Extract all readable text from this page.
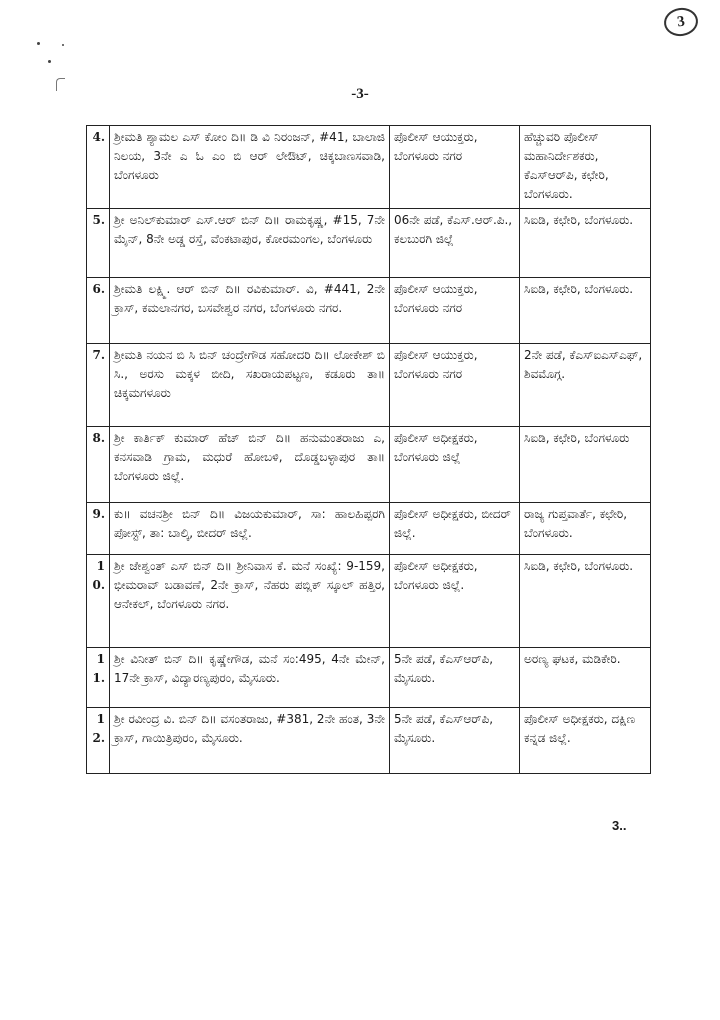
3
-3-
4.	ಶ್ರೀಮತಿ ಶ್ಯಾಮಲ ಎಸ್ ಕೋಂ ದಿ॥ ಡಿ ವಿ ನಿರಂಜನ್, #41, ಬಾಲಾಜಿ ನಿಲಯ, 3ನೇ ಎ ಓ ಎಂ ಬಿ ಆರ್ ಲೇಔಟ್, ಚಿಕ್ಕಬಾಣಸವಾಡಿ, ಬೆಂಗಳೂರು	ಪೊಲೀಸ್ ಆಯುಕ್ತರು, ಬೆಂಗಳೂರು ನಗರ	ಹೆಚ್ಚುವರಿ ಪೊಲೀಸ್ ಮಹಾನಿರ್ದೇಶಕರು, ಕೆಎಸ್‌ಆರ್‌ಪಿ, ಕಛೇರಿ, ಬೆಂಗಳೂರು.
5.	ಶ್ರೀ ಅನಿಲ್‌ಕುಮಾರ್ ಎಸ್.ಆರ್ ಬಿನ್ ದಿ॥ ರಾಮಕೃಷ್ಣ, #15, 7ನೇ ಮೈನ್, 8ನೇ ಅಡ್ಡ ರಸ್ತೆ, ವೆಂಕಟಾಪುರ, ಕೋರಮಂಗಲ, ಬೆಂಗಳೂರು	06ನೇ ಪಡೆ, ಕೆಎಸ್.ಆರ್.ಪಿ., ಕಲಬುರಗಿ ಜಿಲ್ಲೆ	ಸಿಐಡಿ, ಕಛೇರಿ, ಬೆಂಗಳೂರು.
6.	ಶ್ರೀಮತಿ ಲಕ್ಷ್ಮಿ. ಆರ್ ಬಿನ್ ದಿ॥ ರವಿಕುಮಾರ್. ವಿ, #441, 2ನೇ ಕ್ರಾಸ್, ಕಮಲಾನಗರ, ಬಸವೇಶ್ವರ ನಗರ, ಬೆಂಗಳೂರು ನಗರ.	ಪೊಲೀಸ್ ಆಯುಕ್ತರು, ಬೆಂಗಳೂರು ನಗರ	ಸಿಐಡಿ, ಕಛೇರಿ, ಬೆಂಗಳೂರು.
7.	ಶ್ರೀಮತಿ ನಯನ ಬಿ ಸಿ ಬಿನ್ ಚಂದ್ರೇಗೌಡ ಸಹೋದರಿ ದಿ॥ ಲೋಕೇಶ್ ಬಿ ಸಿ., ಅರಸು ಮಕ್ಕಳ ಬೀದಿ, ಸಖರಾಯಪಟ್ಟಣ, ಕಡೂರು ತಾ॥ ಚಿಕ್ಕಮಗಳೂರು	ಪೊಲೀಸ್ ಆಯುಕ್ತರು, ಬೆಂಗಳೂರು ನಗರ	2ನೇ ಪಡೆ, ಕೆಎಸ್‌ಐಎಸ್‌ಎಫ್, ಶಿವಮೊಗ್ಗ.
8.	ಶ್ರೀ ಕಾರ್ತಿಕ್ ಕುಮಾರ್ ಹೆಚ್ ಬಿನ್ ದಿ॥ ಹನುಮಂತರಾಜು ಎ, ಕನಸವಾಡಿ ಗ್ರಾಮ, ಮಧುರೆ ಹೋಬಳಿ, ದೊಡ್ಡಬಳ್ಳಾಪುರ ತಾ॥ ಬೆಂಗಳೂರು ಜಿಲ್ಲೆ.	ಪೊಲೀಸ್ ಅಧೀಕ್ಷಕರು, ಬೆಂಗಳೂರು ಜಿಲ್ಲೆ	ಸಿಐಡಿ, ಕಛೇರಿ, ಬೆಂಗಳೂರು
9.	ಕು॥ ವಚನಶ್ರೀ ಬಿನ್ ದಿ॥ ವಿಜಯಕುಮಾರ್, ಸಾ: ಹಾಲಹಿಪ್ಪರಗಿ ಪೋಸ್ಟ್, ತಾ: ಬಾಲ್ಕಿ, ಬೀದರ್ ಜಿಲ್ಲೆ.	ಪೊಲೀಸ್ ಅಧೀಕ್ಷಕರು, ಬೀದರ್ ಜಿಲ್ಲೆ.	ರಾಜ್ಯ ಗುಪ್ತವಾರ್ತೆ, ಕಛೇರಿ, ಬೆಂಗಳೂರು.
10.	ಶ್ರೀ ಜೇಶ್ವಂತ್ ಎಸ್ ಬಿನ್ ದಿ॥ ಶ್ರೀನಿವಾಸ ಕೆ. ಮನೆ ಸಂಖ್ಯೆ: 9-159, ಭೀಮರಾವ್ ಬಡಾವಣೆ, 2ನೇ ಕ್ರಾಸ್, ನೆಹರು ಪಬ್ಲಿಕ್ ಸ್ಕೂಲ್ ಹತ್ತಿರ, ಆನೇಕಲ್, ಬೆಂಗಳೂರು ನಗರ.	ಪೊಲೀಸ್ ಅಧೀಕ್ಷಕರು, ಬೆಂಗಳೂರು ಜಿಲ್ಲೆ.	ಸಿಐಡಿ, ಕಛೇರಿ, ಬೆಂಗಳೂರು.
11.	ಶ್ರೀ ವಿನೀತ್ ಬಿನ್ ದಿ॥ ಕೃಷ್ಣೇಗೌಡ, ಮನೆ ಸಂ:495, 4ನೇ ಮೇನ್, 17ನೇ ಕ್ರಾಸ್, ವಿದ್ಯಾರಣ್ಯಪುರಂ, ಮೈಸೂರು.	5ನೇ ಪಡೆ, ಕೆಎಸ್‌ಆರ್‌ಪಿ, ಮೈಸೂರು.	ಅರಣ್ಯ ಘಟಕ, ಮಡಿಕೇರಿ.
12.	ಶ್ರೀ ರವೀಂದ್ರ ವಿ. ಬಿನ್ ದಿ॥ ವಸಂತರಾಜು, #381, 2ನೇ ಹಂತ, 3ನೇ ಕ್ರಾಸ್, ಗಾಯಿತ್ರಿಪುರಂ, ಮೈಸೂರು.	5ನೇ ಪಡೆ, ಕೆಎಸ್‌ಆರ್‌ಪಿ, ಮೈಸೂರು.	ಪೊಲೀಸ್ ಅಧೀಕ್ಷಕರು, ದಕ್ಷಿಣ ಕನ್ನಡ ಜಿಲ್ಲೆ.
3..
